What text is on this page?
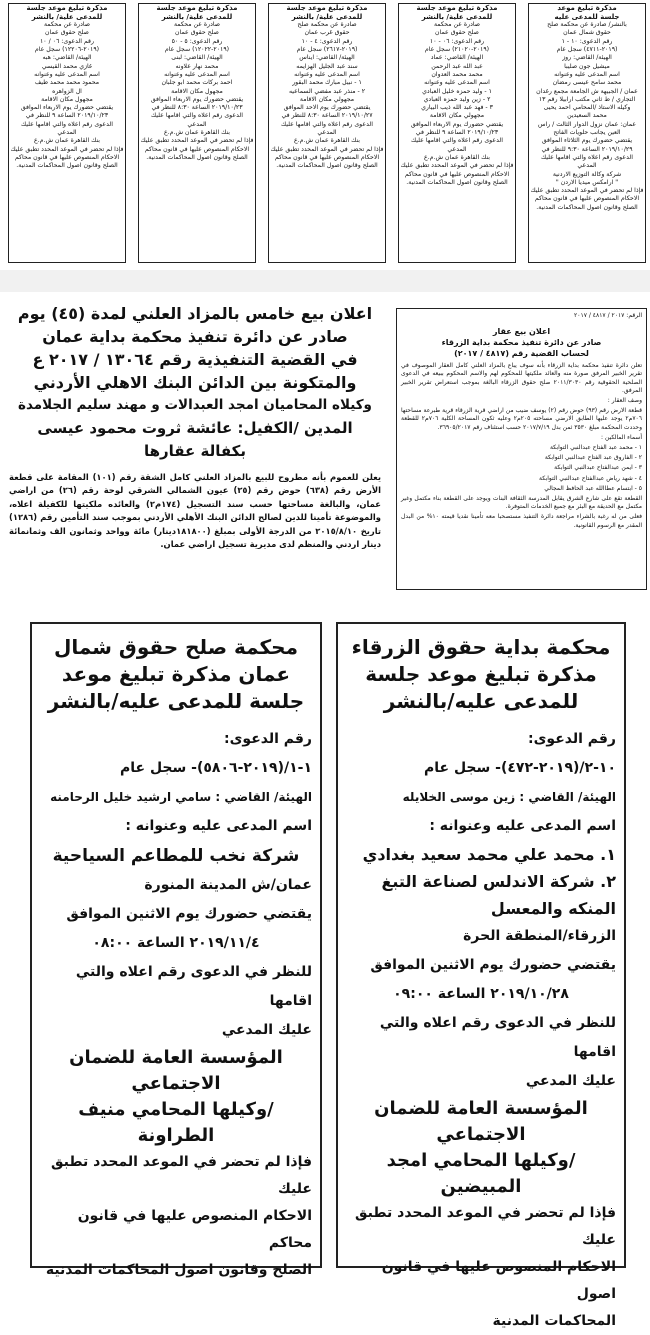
مذكرة تبليغ موعد جلسة

للمدعى علية/ بالنشر

صادرة عن محكمة

صلح حقوق عمان

رقم الدعوى: ٠٦ / ١٠

(٢٠١٩-١٢٢٠٦) سجل عام

الهيئة/ القاضي: هبه

غازي محمد القيسي

اسم المدعى عليه وعنوانه

محمود محمد محمد طيف

ال الزواهره

مجهول مكان الاقامة

يقتضي حضورك يوم الاربعاء الموافق

٢٠١٩/١٠/٢٣ الساعة ٩ للنظر في

الدعوى رقم اعلاه والتي اقامها عليك

المدعي

بنك القاهرة عمان ش.م.ع

فإذا لم تحضر في الموعد المحدد تطبق عليك

الاحكام المنصوص عليها في قانون محاكم

الصلح وقانون اصول المحاكمات المدنية.

مذكرة تبليغ موعد جلسة

للمدعى علية/ بالنشر

صادرة عن محكمة

صلح حقوق عمان

رقم الدعوى: ٥ - ٥٠

(٢٠١٩-١٢٠٢٢) سجل عام

الهيئة/ القاضي: لبنى

محمد نهار علاونه

اسم المدعى عليه وعنوانه

احمد بركات محمد ابو جلبان

مجهول مكان الاقامة

يقتضي حضورك يوم الاربعاء الموافق

٢٠١٩/١٠/٢٣ الساعة ٨:٣٠ للنظر في

الدعوى رقم اعلاه والتي اقامها عليك

المدعي

بنك القاهرة عمان ش.م.ع

فإذا لم تحضر في الموعد المحدد تطبق عليك

الاحكام المنصوص عليها في قانون محاكم

الصلح وقانون اصول المحاكمات المدنية.

مذكرة تبليغ موعد جلسة

للمدعى علية/ بالنشر

صادرة عن محكمة صلح

حقوق غرب عمان

رقم الدعوى: ٤ - ١٠

(٢٠١٩-٢٦١٧) سجل عام

الهيئة/ القاضي: ايناس

سند عبد الجليل الهزايمه

اسم المدعى عليه وعنوانه

١ - نبيل مبارك محمد البقور

٢ - منذر عبد مفضي السماعيه

مجهولي مكان الاقامة

يقتضي حضورك يوم الاحد الموافق

٢٠١٩/١٠/٢٧ الساعة ٨:٣٠ للنظر في

الدعوى رقم اعلاه والتي اقامها عليك

المدعي

بنك القاهرة عمان ش.م.ع

فإذا لم تحضر في الموعد المحدد تطبق عليك

الاحكام المنصوص عليها في قانون محاكم

الصلح وقانون اصول المحاكمات المدنية.

مذكرة تبليغ موعد جلسة

للمدعى علية/ بالنشر

صادرة عن محكمة

صلح حقوق عمان

رقم الدعوى: ٠٦ - ١٠

(٢٠١٩-٢١٠٢٠) سجل عام

الهيئة/ القاضي: عماد

عبد الله عبد الرحمن

محمد محمد العدوان

اسم المدعى عليه وعنوانه

١ - وليد حمزه خليل العبادي

٢ - زين وليد حمزه العبادي

٣ - فهد عبد الله ذيب البياري

مجهولي مكان الاقامة

يقتضي حضورك يوم الاربعاء الموافق

٢٠١٩/١٠/٢٣ الساعة ٩ للنظر في

الدعوى رقم اعلاه والتي اقامها عليك

المدعي

بنك القاهرة عمان ش.م.ع

فإذا لم تحضر في الموعد المحدد تطبق عليك

الاحكام المنصوص عليها في قانون محاكم

الصلح وقانون اصول المحاكمات المدنية.

مذكرة تبليغ موعد

جلسة للمدعى عليه

بالنشر/ صادرة عن محكمة صلح

حقوق شمال عمان

رقم الدعوى: ١٠ - ١

(٢٠١٩-٤٧١١) سجل عام

الهيئة/ القاضي: روز

ميشيل جون صليبا

اسم المدعى عليه وعنوانه

محمد سامح عيسى رمضان

عمان / الجبيهة ش الجامعة مجمع رغدان

التجاري / ط ثاني مكتب ارابيلا رقم ١٣

وكيله الاستاذ /المحامي احمد يحيى

محمد السعيدين

عمان: عمان نزول الدوار الثالث / راس

العين يجانب حلويات الفاتح

يقتضي حضورك يوم الثلاثاء الموافق

٢٠١٩/١٠/٢٩ الساعة ٩:٣٠ للنظر في

الدعوى رقم اعلاه والتي اقامها عليك

المدعي

شركة وكالة التوزيع الاردنية

" ارامكس ميديا الاردن "

فإذا لم تحضر في الموعد المحدد تطبق عليك

الاحكام المنصوص عليها في قانون محاكم

الصلح وقانون اصول المحاكمات المدنية.

اعلان بيع خامس بالمزاد العلني لمدة (٤٥) يوم

صادر عن دائرة تنفيذ محكمة بداية عمان

في القضية التنفيذية رقم ١٣٠٦٤ / ٢٠١٧ ع

والمتكونة بين الدائن البنك الاهلي الأردني

وكيلاه المحاميان امجد العبدالات و مهند سليم الجلامدة

المدين /الكفيل: عائشة ثروت محمود عيسى

بكفالة عقارها

يعلن للعموم بأنه مطروح للبيع بالمزاد العلني كامل الشقة رقم (١٠١) المقامة على قطعة الأرض رقم (٦٣٨) حوض رقم (٢٥) عيون الشمالي الشرقي لوحة رقم (٢٦) من اراضي عمان، والبالغة مساحتها حسب سند التسجيل (١٧٤م٢) والعائده ملكيتها للكفيلة اعلاه، والموضوعة تأمينا للدين لصالح الدائن البنك الأهلي الأردني بموجب سند التأمين رقم (١٢٨٦) تاريخ ٢٠١٥/٨/١٠ من الدرجة الأولى بمبلغ (١٨١٨٠٠دينار) مائة وواحد وثمانون الف وثمانمائة دينار اردني والمنظم لدى مديرية تسجيل اراضي عمان.

الرقم: ٢٠١٧ / ٤٨١٧ / ٢٠١٧

اعلان بيع عقار

صادر عن دائرة تنفيذ محكمة بداية الزرقاء

لحساب القضية رقم (٤٨١٧ / ٢٠١٧)

تعلن دائرة تنفيذ محكمة بداية الزرقاء بأنه سوف يباع بالمزاد العلني كامل العقار الموصوف في تقرير الخبير المرفق صورة منه والعائد ملكيتها للمحكوم لهم والاسم المحكوم ببيعه في الدعوى الصلحية الحقوقية رقم ٢٠١١/٣٠٣٠ صلح حقوق الزرقاء البالغة بموجب استعراض تقرير الخبير المرفق.

وصف العقار :

قطعة الارض رقم (٩٣) حوض رقم (٢) يوسف ضيب من اراضي قرية الزرقاء قرية طبرعة مساحتها ٧٠٦م٢ يوجد عليها الطابق الارضي مساحته ٢٠٥م٢ وعليه ثكون المساحة الكلية ٧٠٦م٢ للقطعة وحددت المحكمة مبلغ ٣٥٣٠ ثمن بدل ٢٠١٧/٧/١٩ حسب استئناف رقم ٣٦٩٠٥/٢٠١٧.

أسماء المالكين :

١ - محمد عبد الفتاح عبدالنبي التوابكة

٢ - الفاروق عبد الفتاح عبدالنبي التوابكة

٣ - ايمن عبدالفتاح عبدالنبي التوابكة

٤ - شهد رياض عبدالفتاح عبدالنبي التوابكة

٥ - ابتسام عطاالله عبد الحافظ المجالي

القطعة تقع على شارع الشرق يقابل المدرسة الثقافة البنات ويوجد على القطعة بناء مكتمل وغير مكتمل مع الحديقة مع البئر مع جميع الخدمات المتوفرة.

فعلى من له رغبة بالشراء مراجعة دائرة التنفيذ مستصحبا معه تأمينا نقديا قيمته ١٠% من البدل المقدر مع الرسوم القانونية.

محكمة صلح حقوق شمال

عمان مذكرة تبليغ موعد

جلسة للمدعى عليه/بالنشر

رقم الدعوى:

١-١/(٢٠١٩-٥٨٠٦)- سجل عام

الهيئة/ القاضي : سامي ارشيد خليل الرحامنه

اسم المدعى عليه وعنوانه :

شركة نخب للمطاعم السياحية

عمان/ش المدينة المنورة

يقتضي حضورك يوم الاثنين الموافق

٢٠١٩/١١/٤ الساعة ٠٨:٠٠

للنظر في الدعوى رقم اعلاه والتي اقامها

عليك المدعي

المؤسسة العامة للضمان الاجتماعي

/وكيلها المحامي منيف الطراونة

فإذا لم تحضر في الموعد المحدد تطبق عليك

الاحكام المنصوص عليها في قانون محاكم

الصلح وقانون اصول المحاكمات المدنية

محكمة بداية حقوق الزرقاء

مذكرة تبليغ موعد جلسة

للمدعى عليه/بالنشر

رقم الدعوى:

١٠-٢/(٢٠١٩-٤٧٢)- سجل عام

الهيئة/ القاضي : زين موسى الخلايله

اسم المدعى عليه وعنوانه :

١. محمد علي محمد سعيد بغدادي

٢. شركة الاندلس لصناعة التبغ

المنكه والمعسل

الزرقاء/المنطقة الحرة

يقتضي حضورك يوم الاثنين الموافق

٢٠١٩/١٠/٢٨ الساعة ٠٩:٠٠

للنظر في الدعوى رقم اعلاه والتي اقامها

عليك المدعي

المؤسسة العامة للضمان الاجتماعي

/وكيلها المحامي امجد المبيضين

فإذا لم تحضر في الموعد المحدد تطبق عليك

الاحكام المنصوص عليها في قانون اصول

المحاكمات المدنية
